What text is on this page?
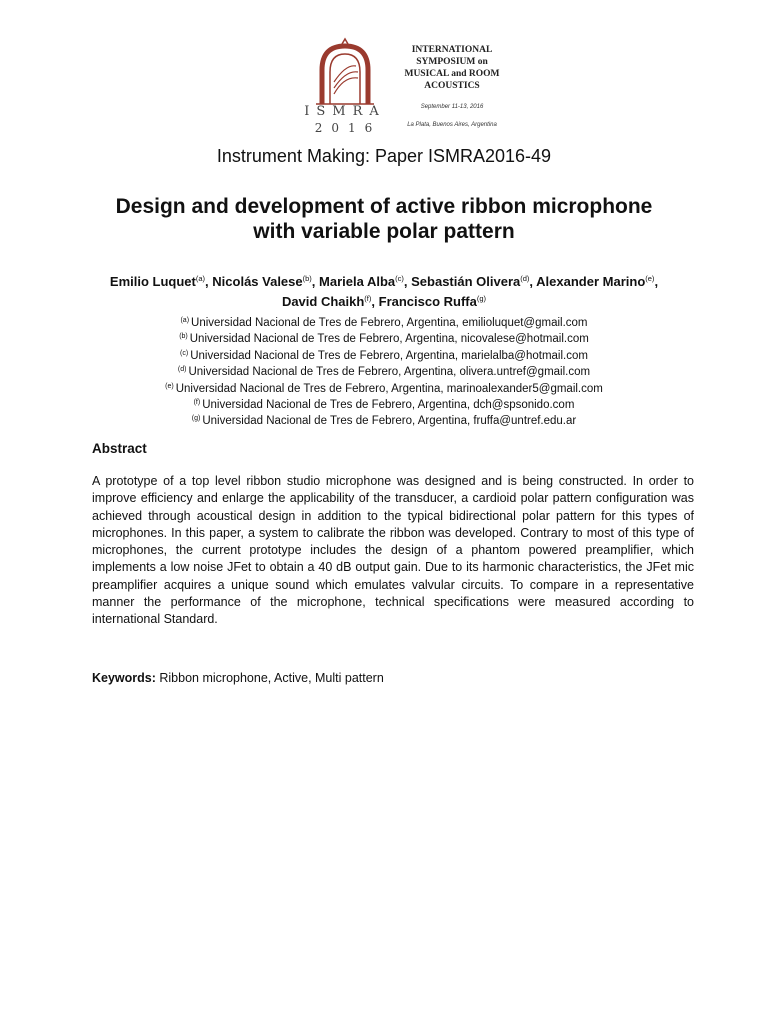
ISMRA
2016
INTERNATIONAL
SYMPOSIUM on
MUSICAL and ROOM
ACOUSTICS
September 11-13, 2016
La Plata, Buenos Aires, Argentina
Instrument Making: Paper ISMRA2016-49
Design and development of active ribbon microphone
with variable polar pattern
Emilio Luquet$^{(a)}$, Nicolás Valese$^{(b)}$, Mariela Alba$^{(c)}$, Sebastián Olivera$^{(d)}$, Alexander Marino$^{(e)}$, David Chaikh$^{(f)}$, Francisco Ruffa$^{(g)}$
$^{(a)}$ Universidad Nacional de Tres de Febrero, Argentina, emilioluquet@gmail.com
$^{(b)}$ Universidad Nacional de Tres de Febrero, Argentina, nicovalese@hotmail.com
$^{(c)}$ Universidad Nacional de Tres de Febrero, Argentina, marielalba@hotmail.com
$^{(d)}$ Universidad Nacional de Tres de Febrero, Argentina, olivera.untref@gmail.com
$^{(e)}$ Universidad Nacional de Tres de Febrero, Argentina, marinoalexander5@gmail.com
$^{(f)}$ Universidad Nacional de Tres de Febrero, Argentina, dch@spsonido.com
$^{(g)}$ Universidad Nacional de Tres de Febrero, Argentina, fruffa@untref.edu.ar
Abstract
A prototype of a top level ribbon studio microphone was designed and is being constructed. In order to improve efficiency and enlarge the applicability of the transducer, a cardioid polar pattern configuration was achieved through acoustical design in addition to the typical bidirectional polar pattern for this types of microphones. In this paper, a system to calibrate the ribbon was developed. Contrary to most of this type of microphones, the current prototype includes the design of a phantom powered preamplifier, which implements a low noise JFet to obtain a 40 dB output gain. Due to its harmonic characteristics, the JFet mic preamplifier acquires a unique sound which emulates valvular circuits. To compare in a representative manner the performance of the microphone, technical specifications were measured according to international Standard.
Keywords: Ribbon microphone, Active, Multi pattern
